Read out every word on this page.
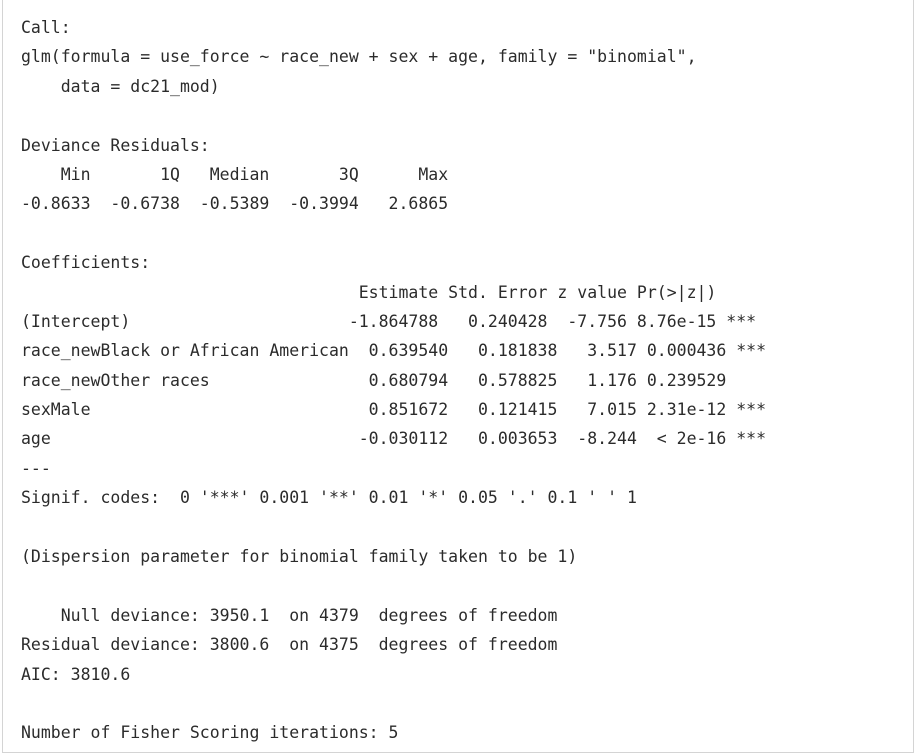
Call:
glm(formula = use_force ~ race_new + sex + age, family = "binomial",
data = dc21_mod)

Deviance Residuals:
Min       1Q   Median       3Q      Max
-0.8633  -0.6738  -0.5389  -0.3994   2.6865

Coefficients:
Estimate Std. Error z value Pr(>|z|)
(Intercept)                      -1.864788   0.240428  -7.756 8.76e-15 ***
race_newBlack or African American  0.639540   0.181838   3.517 0.000436 ***
race_newOther races                0.680794   0.578825   1.176 0.239529
sexMale                            0.851672   0.121415   7.015 2.31e-12 ***
age                               -0.030112   0.003653  -8.244  < 2e-16 ***
---
Signif. codes:  0 '***' 0.001 '**' 0.01 '*' 0.05 '.' 0.1 ' ' 1

(Dispersion parameter for binomial family taken to be 1)

Null deviance: 3950.1  on 4379  degrees of freedom
Residual deviance: 3800.6  on 4375  degrees of freedom
AIC: 3810.6

Number of Fisher Scoring iterations: 5
